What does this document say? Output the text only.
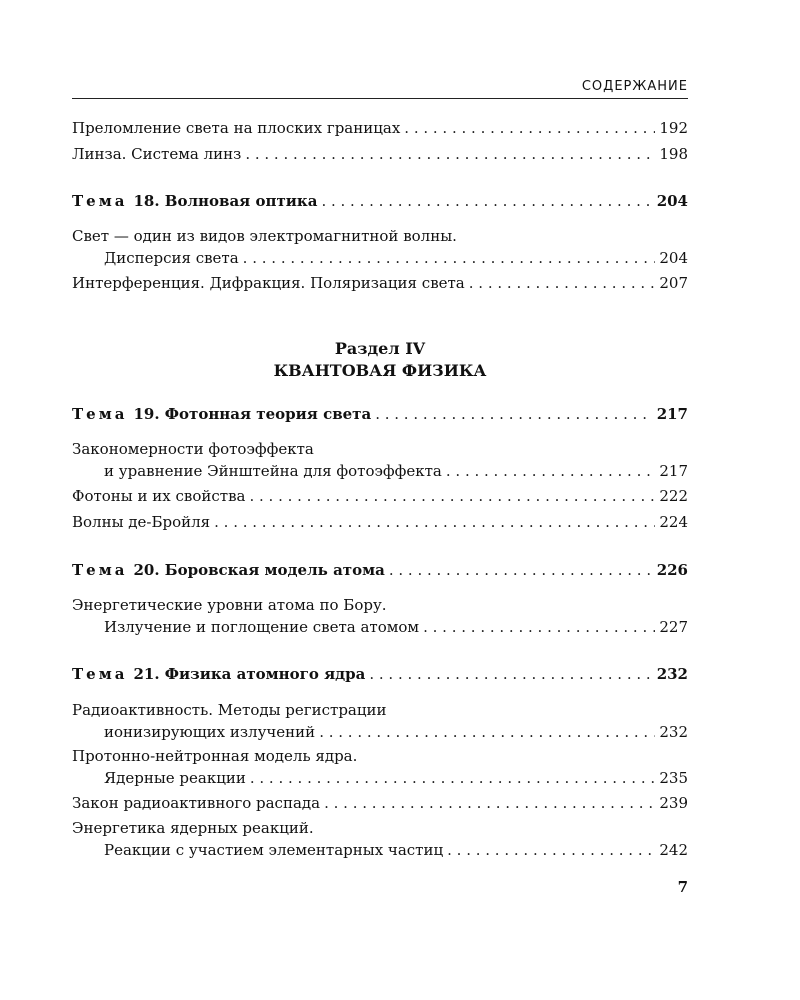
СОДЕРЖАНИЕ
Преломление света на плоских границах . . .	192
Линза. Система линз . . .	198
Тема 18. Волновая оптика . . .	204
Свет — один из видов электромагнитной волны.
Дисперсия света . . .	204
Интерференция. Дифракция. Поляризация света . . .	207
Раздел IV
КВАНТОВАЯ ФИЗИКА
Тема 19. Фотонная теория света . . .	217
Закономерности фотоэффекта
и уравнение Эйнштейна для фотоэффекта . . .	217
Фотоны и их свойства . . .	222
Волны де-Бройля . . .	224
Тема 20. Боровская модель атома . . .	226
Энергетические уровни атома по Бору.
Излучение и поглощение света атомом . . .	227
Тема 21. Физика атомного ядра . . .	232
Радиоактивность. Методы регистрации
ионизирующих излучений . . .	232
Протонно-нейтронная модель ядра.
Ядерные реакции . . .	235
Закон радиоактивного распада . . .	239
Энергетика ядерных реакций.
Реакции с участием элементарных частиц . . .	242
7
